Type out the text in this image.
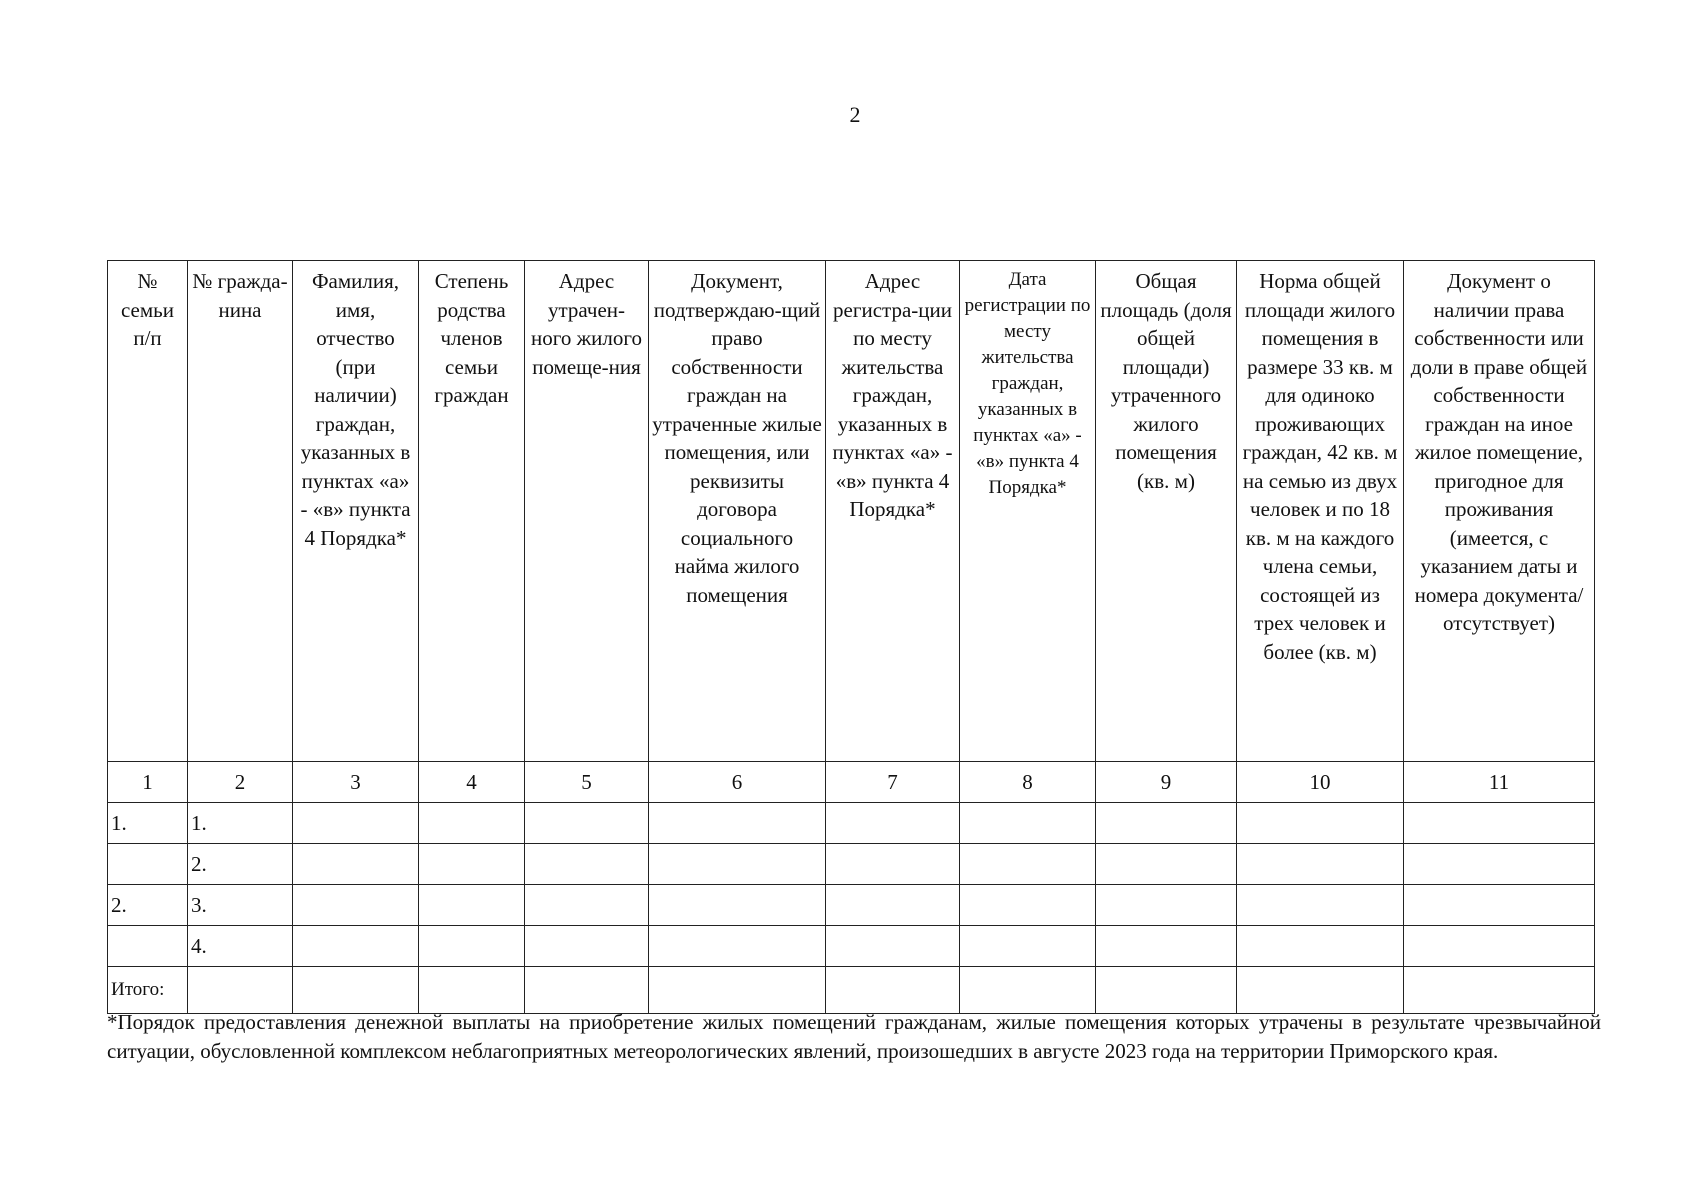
2
№ семьи п/п	№ гражда-нина	Фамилия, имя, отчество (при наличии) граждан, указанных в пунктах «а» - «в» пункта 4 Порядка*	Степень родства членов семьи граждан	Адрес утрачен-ного жилого помеще-ния	Документ, подтверждаю-щий право собственности граждан на утраченные жилые помещения, или реквизиты договора социального найма жилого помещения	Адрес регистра-ции по месту жительства граждан, указанных в пунктах «а» - «в» пункта 4 Порядка*	Дата регистрации по месту жительства граждан, указанных в пунктах «а» - «в» пункта 4 Порядка*	Общая площадь (доля общей площади) утраченного жилого помещения (кв. м)	Норма общей площади жилого помещения в размере 33 кв. м для одиноко проживающих граждан, 42 кв. м на семью из двух человек и по 18 кв. м на каждого члена семьи, состоящей из трех человек и более (кв. м)	Документ о наличии права собственности или доли в праве общей собственности граждан на иное жилое помещение, пригодное для проживания (имеется, с указанием даты и номера документа/ отсутствует)

1	2	3	4	5	6	7	8	9	10	11
1.	1.									
	2.									
2.	3.									
	4.									
Итого:										
*Порядок предоставления денежной выплаты на приобретение жилых помещений гражданам, жилые помещения которых утрачены в результате чрезвычайной ситуации, обусловленной комплексом неблагоприятных метеорологических явлений, произошедших в августе 2023 года на территории Приморского края.
